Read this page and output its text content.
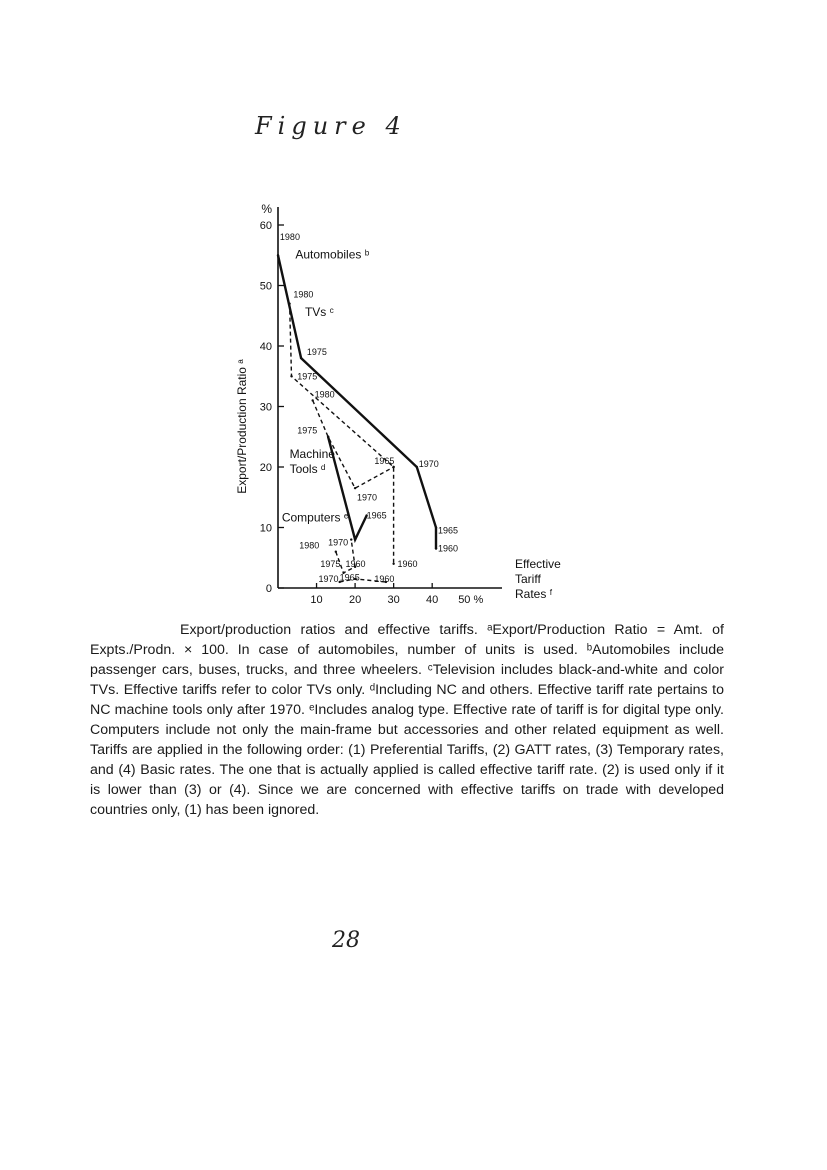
Figure 4
0
10
20
30
40
50
60
%
10 20 30 40 50 %
Export/Production Ratio ᵃ
Effective
Tariff
Rates ᶠ
1980
Automobiles ᵇ
1980
TVs ᶜ
1975
1975
1980
1975
Machine
Tools ᵈ
1965	1970
1970
Computers ᵉ 1965
1965
1980 1970
1960
1975 1960	1960
1970 1965 1960

Export/production ratios and effective tariffs. ᵃExport/Production Ratio = Amt. of Expts./Prodn. × 100. In case of automobiles, number of units is used. ᵇAutomobiles include passenger cars, buses, trucks, and three wheelers. ᶜTelevision includes black-and-white and color TVs. Effective tariffs refer to color TVs only. ᵈIncluding NC and others. Effective tariff rate pertains to NC machine tools only after 1970. ᵉIncludes analog type. Effective rate of tariff is for digital type only. Computers include not only the main-frame but accessories and other related equipment as well. Tariffs are applied in the following order: (1) Preferential Tariffs, (2) GATT rates, (3) Temporary rates, and (4) Basic rates. The one that is actually applied is called effective tariff rate. (2) is used only if it is lower than (3) or (4). Since we are concerned with effective tariffs on trade with developed countries only, (1) has been ignored.

28
